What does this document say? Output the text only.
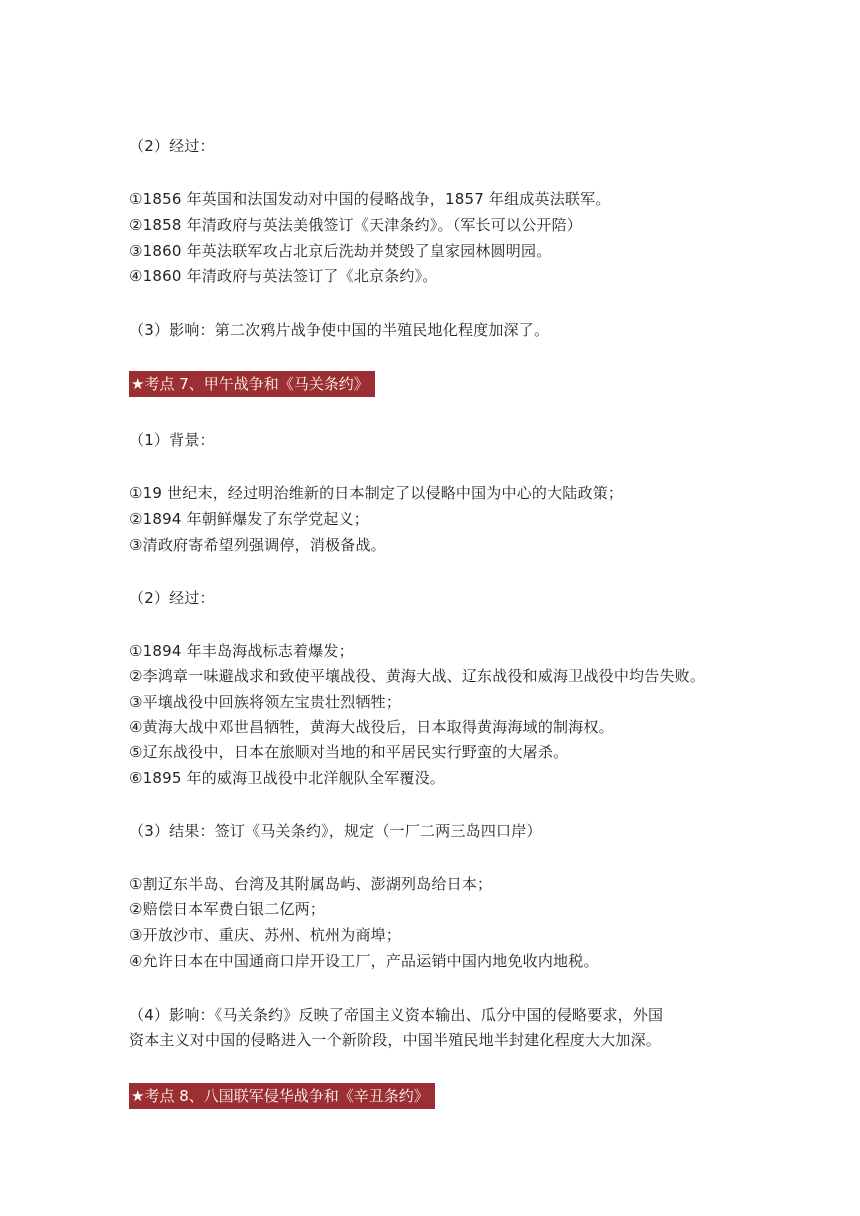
（2）经过：
①1856 年英国和法国发动对中国的侵略战争，1857 年组成英法联军。
②1858 年清政府与英法美俄签订《天津条约》。（军长可以公开陪）
③1860 年英法联军攻占北京后洗劫并焚毁了皇家园林圆明园。
④1860 年清政府与英法签订了《北京条约》。
（3）影响：第二次鸦片战争使中国的半殖民地化程度加深了。
★考点 7、甲午战争和《马关条约》
（1）背景：
①19 世纪末，经过明治维新的日本制定了以侵略中国为中心的大陆政策；
②1894 年朝鲜爆发了东学党起义；
③清政府寄希望列强调停，消极备战。
（2）经过：
①1894 年丰岛海战标志着爆发；
②李鸿章一味避战求和致使平壤战役、黄海大战、辽东战役和威海卫战役中均告失败。
③平壤战役中回族将领左宝贵壮烈牺牲；
④黄海大战中邓世昌牺牲，黄海大战役后，日本取得黄海海域的制海权。
⑤辽东战役中，日本在旅顺对当地的和平居民实行野蛮的大屠杀。
⑥1895 年的威海卫战役中北洋舰队全军覆没。
（3）结果：签订《马关条约》，规定（一厂二两三岛四口岸）
①割辽东半岛、台湾及其附属岛屿、澎湖列岛给日本；
②赔偿日本军费白银二亿两；
③开放沙市、重庆、苏州、杭州为商埠；
④允许日本在中国通商口岸开设工厂，产品运销中国内地免收内地税。
（4）影响：《马关条约》反映了帝国主义资本输出、瓜分中国的侵略要求，外国
资本主义对中国的侵略进入一个新阶段，中国半殖民地半封建化程度大大加深。
★考点 8、八国联军侵华战争和《辛丑条约》
